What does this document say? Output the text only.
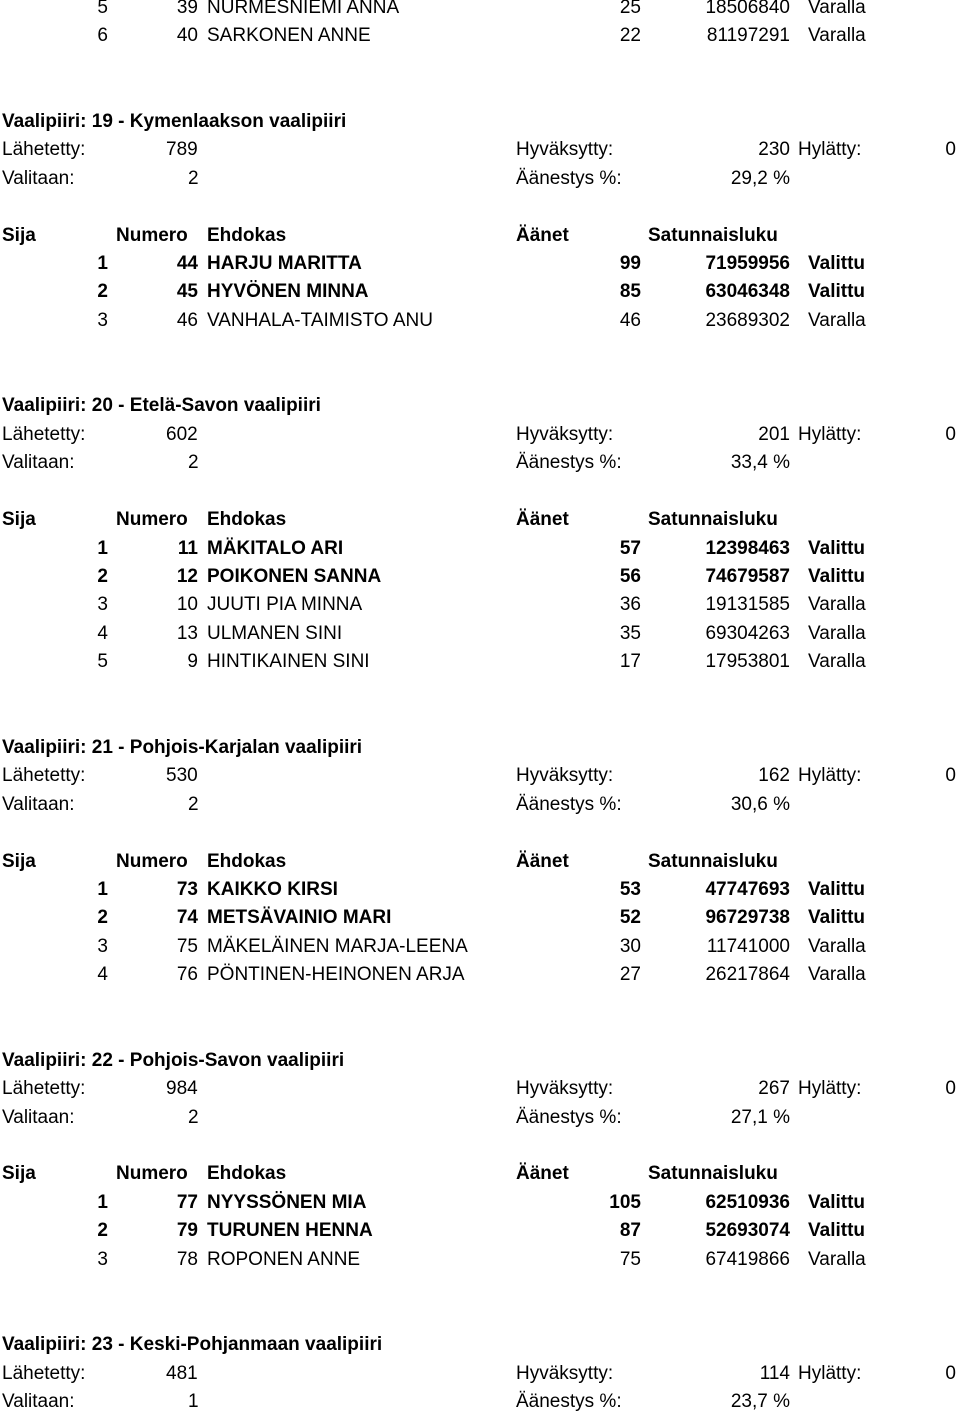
5	39 NURMESNIEMI ANNA	25	18506840 Varalla
6	40 SARKONEN ANNE	22	81197291 Varalla
Vaalipiiri: 19 - Kymenlaakson vaalipiiri
Lähetetty:	789	Hyväksytty:	230 Hylätty:	0
Valitaan:	2	Äänestys %:	29,2 %
Sija	Numero Ehdokas	Äänet	Satunnaisluku
1	44 HARJU MARITTA	99	71959956 Valittu
2	45 HYVÖNEN MINNA	85	63046348 Valittu
3	46 VANHALA-TAIMISTO ANU	46	23689302 Varalla
Vaalipiiri: 20 - Etelä-Savon vaalipiiri
Lähetetty:	602	Hyväksytty:	201 Hylätty:	0
Valitaan:	2	Äänestys %:	33,4 %
Sija	Numero Ehdokas	Äänet	Satunnaisluku
1	11 MÄKITALO ARI	57	12398463 Valittu
2	12 POIKONEN SANNA	56	74679587 Valittu
3	10 JUUTI PIA MINNA	36	19131585 Varalla
4	13 ULMANEN SINI	35	69304263 Varalla
5	9 HINTIKAINEN SINI	17	17953801 Varalla
Vaalipiiri: 21 - Pohjois-Karjalan vaalipiiri
Lähetetty:	530	Hyväksytty:	162 Hylätty:	0
Valitaan:	2	Äänestys %:	30,6 %
Sija	Numero Ehdokas	Äänet	Satunnaisluku
1	73 KAIKKO KIRSI	53	47747693 Valittu
2	74 METSÄVAINIO MARI	52	96729738 Valittu
3	75 MÄKELÄINEN MARJA-LEENA	30	11741000 Varalla
4	76 PÖNTINEN-HEINONEN ARJA	27	26217864 Varalla
Vaalipiiri: 22 - Pohjois-Savon vaalipiiri
Lähetetty:	984	Hyväksytty:	267 Hylätty:	0
Valitaan:	2	Äänestys %:	27,1 %
Sija	Numero Ehdokas	Äänet	Satunnaisluku
1	77 NYYSSÖNEN MIA	105	62510936 Valittu
2	79 TURUNEN HENNA	87	52693074 Valittu
3	78 ROPONEN ANNE	75	67419866 Varalla
Vaalipiiri: 23 - Keski-Pohjanmaan vaalipiiri
Lähetetty:	481	Hyväksytty:	114 Hylätty:	0
Valitaan:	1	Äänestys %:	23,7 %
